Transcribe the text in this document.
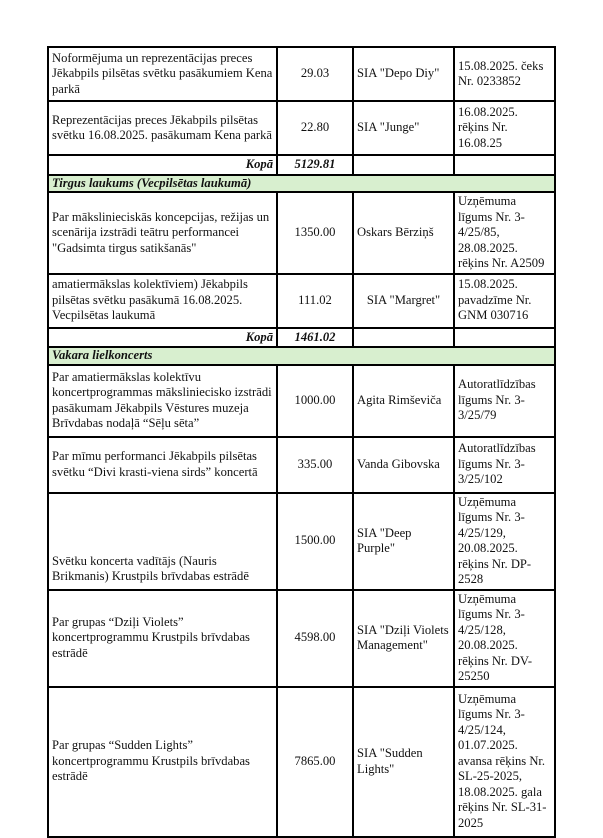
Noformējuma un reprezentācijas preces Jēkabpils pilsētas svētku pasākumiem Kena parkā	29.03	SIA "Depo Diy"	15.08.2025. čeks Nr. 0233852
Reprezentācijas preces Jēkabpils pilsētas svētku 16.08.2025. pasākumam Kena parkā	22.80	SIA "Junge"	16.08.2025. rēķins Nr. 16.08.25
Kopā	5129.81		
Tirgus laukums (Vecpilsētas laukumā)			
Par mākslinieciskās koncepcijas, režijas un scenārija izstrādi teātru performancei "Gadsimta tirgus satikšanās"	1350.00	Oskars Bērziņš	Uzņēmuma līgums Nr. 3-4/25/85, 28.08.2025. rēķins Nr. A2509
amatiermākslas kolektīviem) Jēkabpils pilsētas svētku pasākumā 16.08.2025. Vecpilsētas laukumā	111.02	SIA "Margret"	15.08.2025. pavadzīme Nr. GNM 030716
Kopā	1461.02		
Vakara lielkoncerts			
Par amatiermākslas kolektīvu koncertprogrammas māksliniecisko izstrādi pasākumam Jēkabpils Vēstures muzeja Brīvdabas nodaļā “Sēļu sēta”	1000.00	Agita Rimševiča	Autoratlīdzības līgums Nr. 3-3/25/79
Par mīmu performanci Jēkabpils pilsētas svētku “Divi krasti-viena sirds” koncertā	335.00	Vanda Gibovska	Autoratlīdzības līgums Nr. 3-3/25/102
Svētku koncerta vadītājs (Nauris Brikmanis) Krustpils brīvdabas estrādē	1500.00	SIA "Deep Purple"	Uzņēmuma līgums Nr. 3-4/25/129, 20.08.2025. rēķins Nr. DP-2528
Par grupas “Dziļi Violets” koncertprogrammu Krustpils brīvdabas estrādē	4598.00	SIA "Dziļi Violets Management"	Uzņēmuma līgums Nr. 3-4/25/128, 20.08.2025. rēķins Nr. DV-25250
Par grupas “Sudden Lights” koncertprogrammu Krustpils brīvdabas estrādē	7865.00	SIA "Sudden Lights"	Uzņēmuma līgums Nr. 3-4/25/124, 01.07.2025. avansa rēķins Nr. SL-25-2025, 18.08.2025. gala rēķins Nr. SL-31-2025
